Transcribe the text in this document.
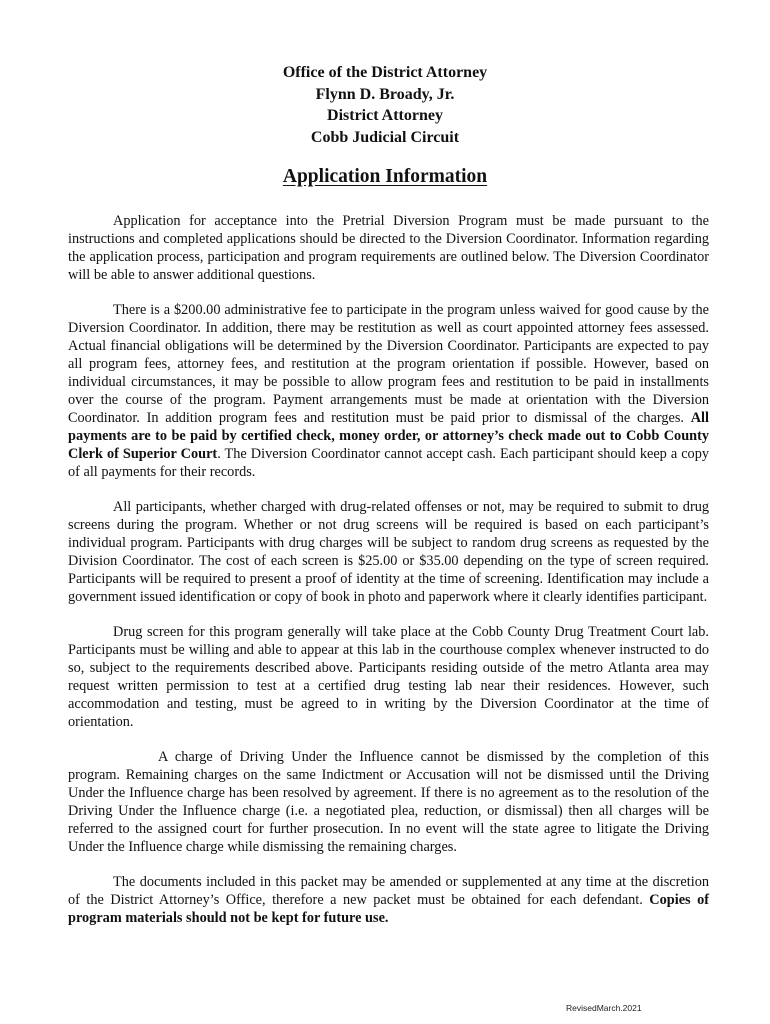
Office of the District Attorney
Flynn D. Broady, Jr.
District Attorney
Cobb Judicial Circuit
Application Information

Application for acceptance into the Pretrial Diversion Program must be made pursuant to the instructions and completed applications should be directed to the Diversion Coordinator. Information regarding the application process, participation and program requirements are outlined below. The Diversion Coordinator will be able to answer additional questions.

There is a $200.00 administrative fee to participate in the program unless waived for good cause by the Diversion Coordinator. In addition, there may be restitution as well as court appointed attorney fees assessed. Actual financial obligations will be determined by the Diversion Coordinator. Participants are expected to pay all program fees, attorney fees, and restitution at the program orientation if possible. However, based on individual circumstances, it may be possible to allow program fees and restitution to be paid in installments over the course of the program. Payment arrangements must be made at orientation with the Diversion Coordinator. In addition program fees and restitution must be paid prior to dismissal of the charges. All payments are to be paid by certified check, money order, or attorney’s check made out to Cobb County Clerk of Superior Court. The Diversion Coordinator cannot accept cash. Each participant should keep a copy of all payments for their records.

All participants, whether charged with drug-related offenses or not, may be required to submit to drug screens during the program. Whether or not drug screens will be required is based on each participant’s individual program. Participants with drug charges will be subject to random drug screens as requested by the Division Coordinator. The cost of each screen is $25.00 or $35.00 depending on the type of screen required. Participants will be required to present a proof of identity at the time of screening. Identification may include a government issued identification or copy of book in photo and paperwork where it clearly identifies participant.

Drug screen for this program generally will take place at the Cobb County Drug Treatment Court lab. Participants must be willing and able to appear at this lab in the courthouse complex whenever instructed to do so, subject to the requirements described above. Participants residing outside of the metro Atlanta area may request written permission to test at a certified drug testing lab near their residences. However, such accommodation and testing, must be agreed to in writing by the Diversion Coordinator at the time of orientation.

A charge of Driving Under the Influence cannot be dismissed by the completion of this program. Remaining charges on the same Indictment or Accusation will not be dismissed until the Driving Under the Influence charge has been resolved by agreement. If there is no agreement as to the resolution of the Driving Under the Influence charge (i.e. a negotiated plea, reduction, or dismissal) then all charges will be referred to the assigned court for further prosecution. In no event will the state agree to litigate the Driving Under the Influence charge while dismissing the remaining charges.

The documents included in this packet may be amended or supplemented at any time at the discretion of the District Attorney’s Office, therefore a new packet must be obtained for each defendant. Copies of program materials should not be kept for future use.

RevisedMarch.2021
